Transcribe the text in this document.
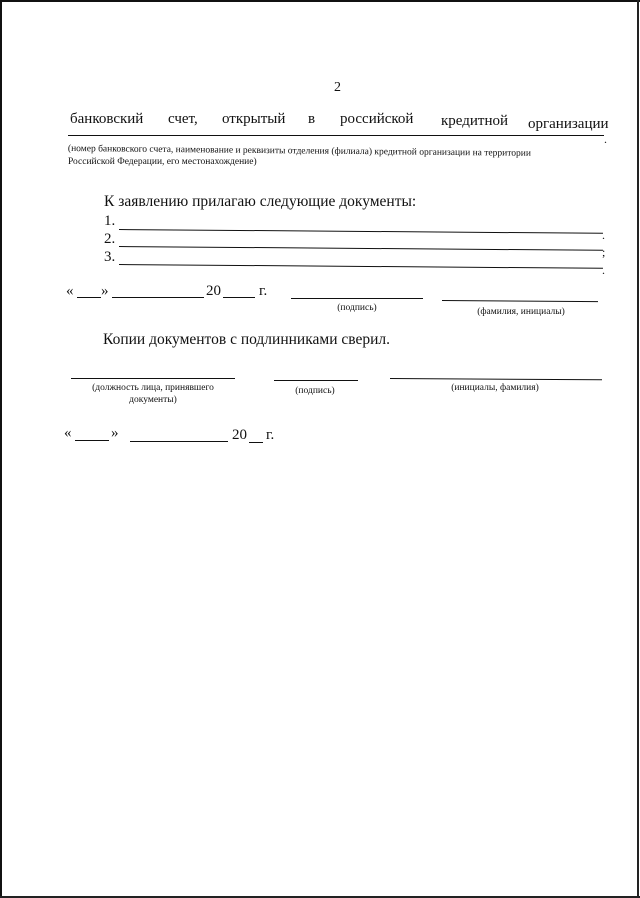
2
банковский счет, открытый в российской кредитной организации
.
(номер банковского счета, наименование и реквизиты отделения (филиала) кредитной организации на территории
Российской Федерации, его местонахождение)
К заявлению прилагаю следующие документы:
1.
.
2.
;
3.
.
« »	20	г.
(подпись)	(фамилия, инициалы)
Копии документов с подлинниками сверил.
(должность лица, принявшего
документы)
(подпись)	(инициалы, фамилия)
«	»	20 г.
